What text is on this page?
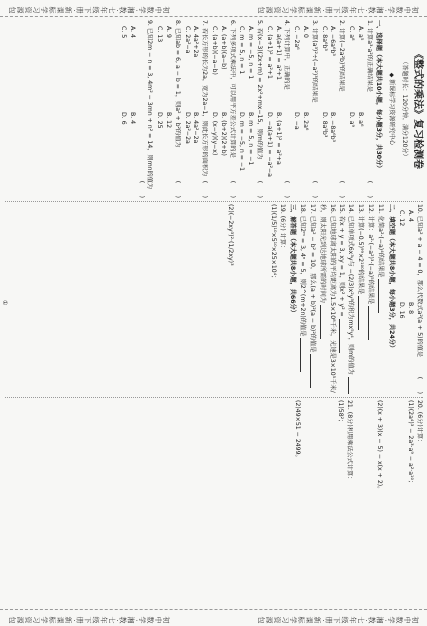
初中数学·湘教·七年级下册·新课标学习资源包
初中数学·湘教·七年级下册·新课标学习资源包
初中数学·湘教·七年级下册·新课标学习资源包
初中数学·湘教·七年级下册·新课标学习资源包
《整式的乘法》复习检测卷
（答题时长：120分钟，满分120分）
◆ 新课标学习资源研究中心
一、选择题（本大题共10小题，每小题3分，共30分）
1. 计算a³·a²的正确结果是
(　　)
A. a⁵
B. a⁶
C. a⁸
D. a⁹
2. 计算(−2a²b)³的结果是
(　　)
A. −6a⁶b³
B. −8a⁶b³
C. 8a⁶b³
D. 8a⁵b³
3. 计算(a³)²÷(−a²)³的结果是
(　　)
A. 0
B. 2a⁶
C. −2a⁶
D. −a
4. 下列计算中，正确的是
(　　)
A. a(a+1) = a²+1
B. (a+1)² = a²+a
C. (a+1)² = a²+1
D. −a(a+1) = −a²−a
5. 若(x−3)(2x+m) = 2x²+mx−15，则m的值为
(　　)
A. m = −5, n = 1
B. m = 5, n = −1
C. m = 5, n = 1
D. m = −5, n = −1
6. 下列多项式乘法中，可以用平方差公式计算的是
(　　)
A. (a+b)(a−b)
B. (b+2)(2+b)
C. (a+b)(−a−b)
D. (x−y)(y−x)
7. 若长方形的长为2a，宽为2a−1，则此长方形的面积为
(　　)
A. 4a²+2a
B. 4a²−2a
C. 2a²−a
D. 2a²−2a
8. 已知ab = 6, a − b = 1，则a² + b²的值为
(　　)
A. 9
B. 12
C. 13
D. 25
9. 已知2m − n = 3, 4m² − 3mn + n² = 14，则mn的值为
(　　)
A. 4
B. 4
C. 5
D. 6
10. 已知a² + a − 4 = 0，那么代数式a²(a + 5)的值是
(　　)
A. 4
B. 8
C. 12
D. 16
二、填空题（本大题共8小题，每小题3分，共24分）
11. 化简a²·(−a)⁴的结果是
12. 计算：a²·(−a²)³·(−a)⁵的结果是
13. 计算(−0.5)⁹⁹×2¹⁰⁰的结果是
14. 已知单项式6x³y与 −(2/3)x²y³的积为mx⁵y⁴，则m的值为
15. 若x + y = 3, xy = 1，则x² + y² =
16. 已知地球离太阳的平均距离为1.5×10⁸千米，光速是3×10⁵千米/秒，则太阳光到达地球所需的时间为
17. 已知a² − b² = 10，那么(a + b)²(a − b)²的值是
18. 已知2ᵐ = 3, 4ⁿ = 5，则2^(m+2n)的值是
三、解答题（本大题共8小题，共66分）
19. (6分) 计算：
(1)(1/5)¹⁰×5¹⁰×25×10⁴；
(2)(−2xy³)²·(1/2xy)³
20. (6分)计算：
(1)(2a⁴)³ − 2a³·a⁹ − a²·a¹⁰；
(2)(x + 3)(x − 5) − x(x + 2)。
21. (8分)利用乘法公式计算：
(1)58²；
(2)49×51 − 2499。
①
